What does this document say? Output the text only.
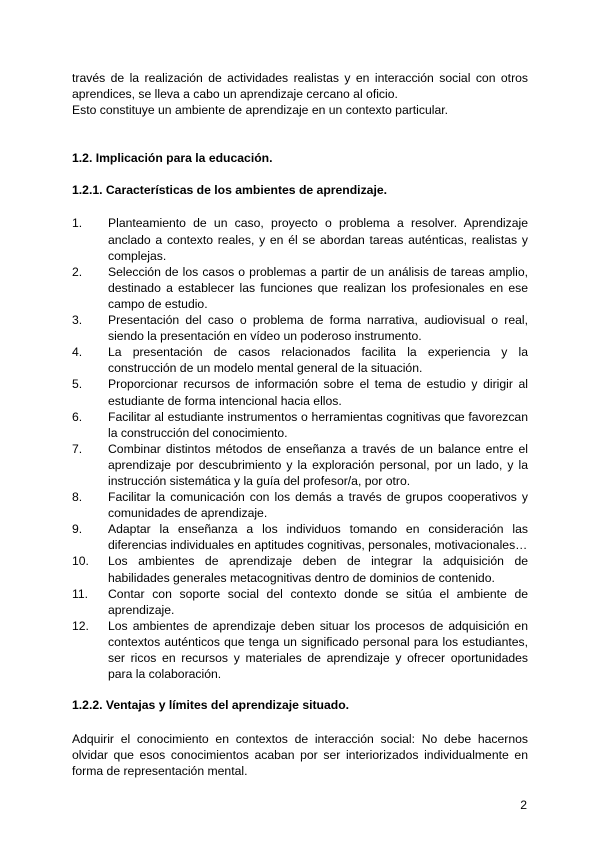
través de la realización de actividades realistas y en interacción social con otros aprendices, se lleva a cabo un aprendizaje cercano al oficio.

Esto constituye un ambiente de aprendizaje en un contexto particular.

1.2. Implicación para la educación.

1.2.1. Características de los ambientes de aprendizaje.

1.	Planteamiento de un caso, proyecto o problema a resolver. Aprendizaje anclado a contexto reales, y en él se abordan tareas auténticas, realistas y complejas.
2.	Selección de los casos o problemas a partir de un análisis de tareas amplio, destinado a establecer las funciones que realizan los profesionales en ese campo de estudio.
3.	Presentación del caso o problema de forma narrativa, audiovisual o real, siendo la presentación en vídeo un poderoso instrumento.
4.	La presentación de casos relacionados facilita la experiencia y la construcción de un modelo mental general de la situación.
5.	Proporcionar recursos de información sobre el tema de estudio y dirigir al estudiante de forma intencional hacia ellos.
6.	Facilitar al estudiante instrumentos o herramientas cognitivas que favorezcan la construcción del conocimiento.
7.	Combinar distintos métodos de enseñanza a través de un balance entre el aprendizaje por descubrimiento y la exploración personal, por un lado, y la instrucción sistemática y la guía del profesor/a, por otro.
8.	Facilitar la comunicación con los demás a través de grupos cooperativos y comunidades de aprendizaje.
9.	Adaptar la enseñanza a los individuos tomando en consideración las diferencias individuales en aptitudes cognitivas, personales, motivacionales…
10.	Los ambientes de aprendizaje deben de integrar la adquisición de habilidades generales metacognitivas dentro de dominios de contenido.
11.	Contar con soporte social del contexto donde se sitúa el ambiente de aprendizaje.
12.	Los ambientes de aprendizaje deben situar los procesos de adquisición en contextos auténticos que tenga un significado personal para los estudiantes, ser ricos en recursos y materiales de aprendizaje y ofrecer oportunidades para la colaboración.

1.2.2. Ventajas y límites del aprendizaje situado.

Adquirir el conocimiento en contextos de interacción social: No debe hacernos olvidar que esos conocimientos acaban por ser interiorizados individualmente en forma de representación mental.

2
